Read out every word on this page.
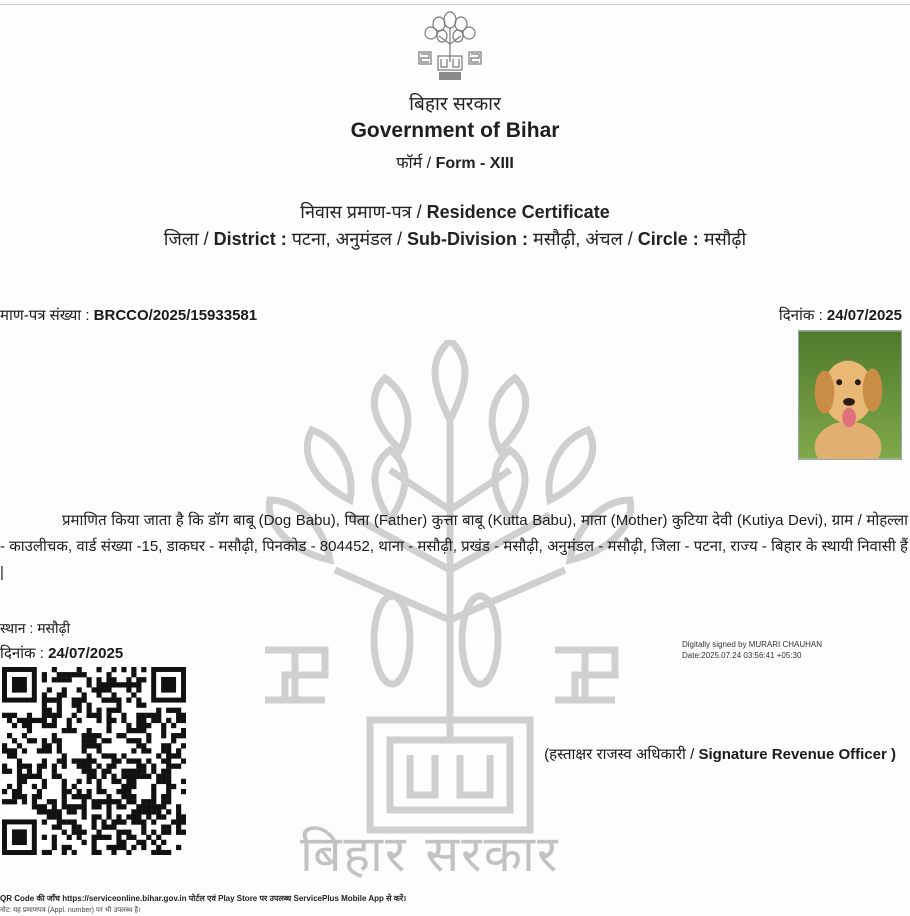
बिहार सरकार
Government of Bihar
फॉर्म / Form - XIII
निवास प्रमाण-पत्र / Residence Certificate
जिला / District : पटना, अनुमंडल / Sub-Division : मसौढ़ी, अंचल / Circle : मसौढ़ी
माण-पत्र संख्या : BRCCO/2025/15933581	दिनांक : 24/07/2025
बिहार सरकार
प्रमाणित किया जाता है कि डॉग बाबू (Dog Babu), पिता (Father) कुत्ता बाबू (Kutta Babu), माता (Mother) कुटिया देवी (Kutiya Devi), ग्राम / मोहल्ला - काउलीचक, वार्ड संख्या -15, डाकघर - मसौढ़ी, पिनकोड - 804452, थाना - मसौढ़ी, प्रखंड - मसौढ़ी, अनुमंडल - मसौढ़ी, जिला - पटना, राज्य - बिहार के स्थायी निवासी हैं |
स्थान : मसौढ़ी
दिनांक : 24/07/2025
Digitally signed by MURARI CHAUHAN
Date:2025.07.24 03:56:41 +05:30
(हस्ताक्षर राजस्व अधिकारी / Signature Revenue Officer )
QR Code की जाँच https://serviceonline.bihar.gov.in पोर्टल एवं Play Store पर उपलब्ध ServicePlus Mobile App से करें।
नोट: यह प्रमाणपत्र (Appl. number) पर भी उपलब्ध है।
